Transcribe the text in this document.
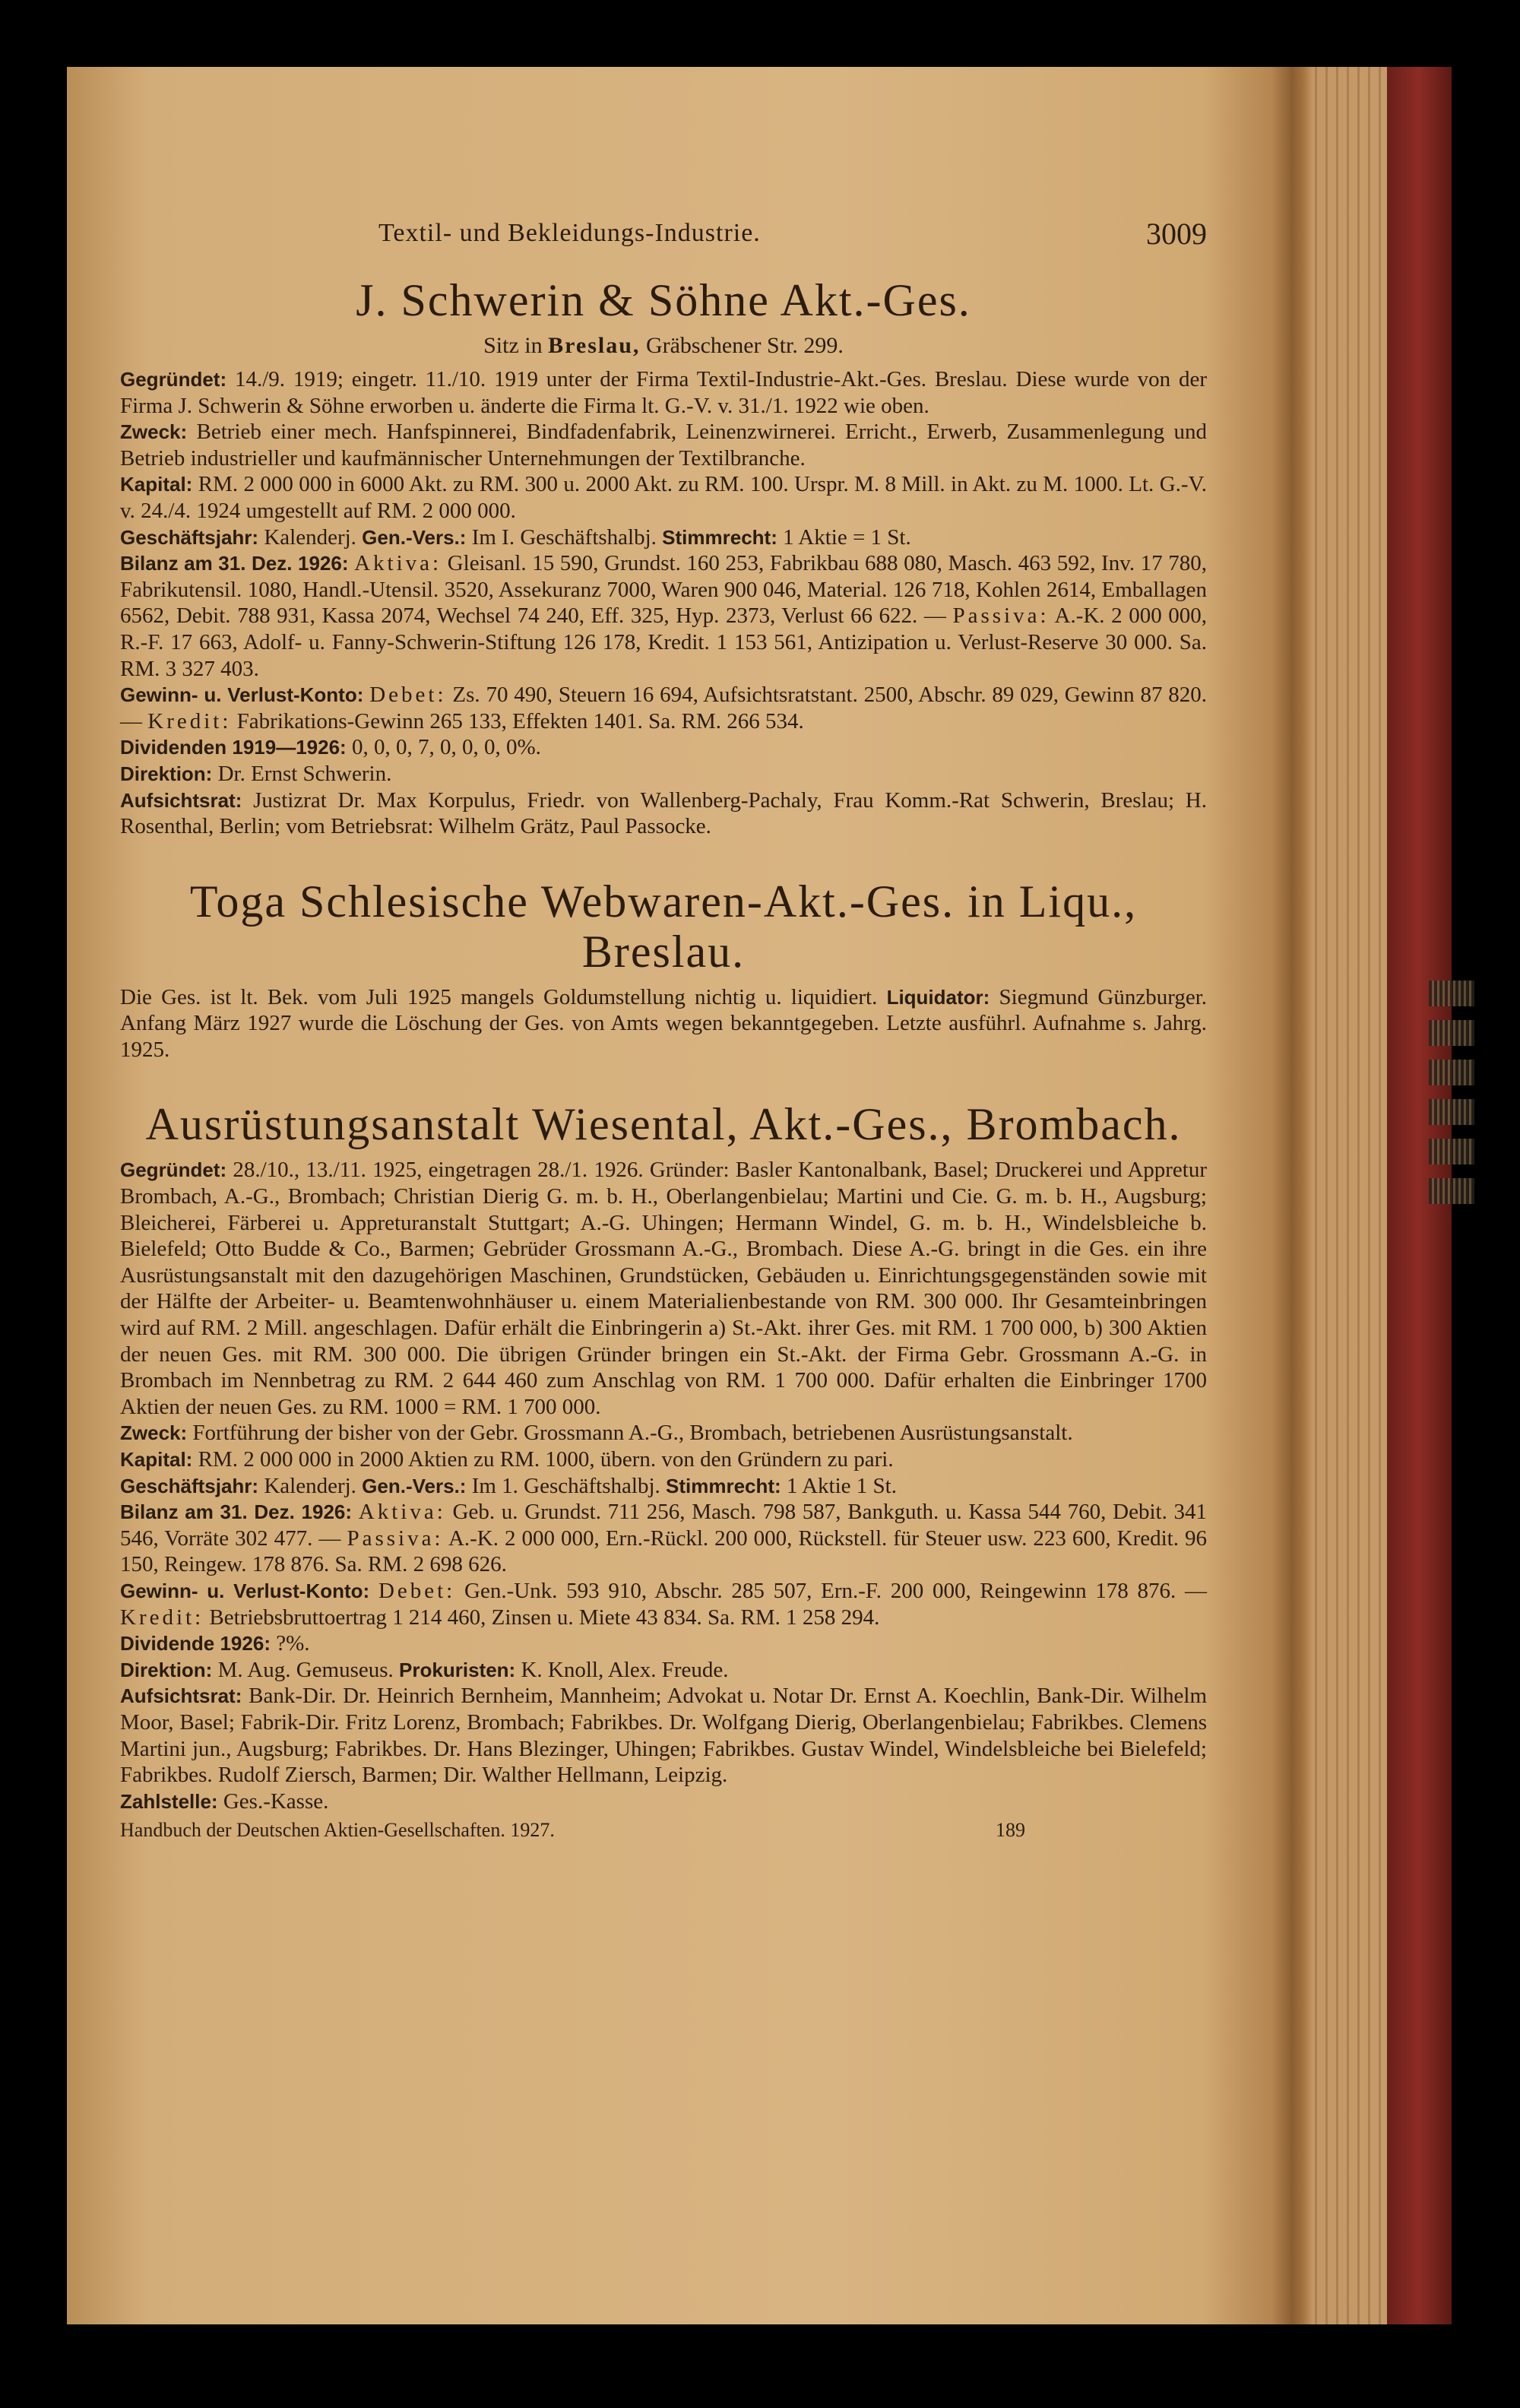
Textil- und Bekleidungs-Industrie.	3009
J. Schwerin & Söhne Akt.-Ges.
Sitz in Breslau, Gräbschener Str. 299.

Gegründet: 14./9. 1919; eingetr. 11./10. 1919 unter der Firma Textil-Industrie-Akt.-Ges. Breslau. Diese wurde von der Firma J. Schwerin & Söhne erworben u. änderte die Firma lt. G.-V. v. 31./1. 1922 wie oben.

Zweck: Betrieb einer mech. Hanfspinnerei, Bindfadenfabrik, Leinenzwirnerei. Erricht., Erwerb, Zusammenlegung und Betrieb industrieller und kaufmännischer Unternehmungen der Textilbranche.

Kapital: RM. 2 000 000 in 6000 Akt. zu RM. 300 u. 2000 Akt. zu RM. 100. Urspr. M. 8 Mill. in Akt. zu M. 1000. Lt. G.-V. v. 24./4. 1924 umgestellt auf RM. 2 000 000.

Geschäftsjahr: Kalenderj. Gen.-Vers.: Im I. Geschäftshalbj. Stimmrecht: 1 Aktie = 1 St.

Bilanz am 31. Dez. 1926: Aktiva: Gleisanl. 15 590, Grundst. 160 253, Fabrikbau 688 080, Masch. 463 592, Inv. 17 780, Fabrikutensil. 1080, Handl.-Utensil. 3520, Assekuranz 7000, Waren 900 046, Material. 126 718, Kohlen 2614, Emballagen 6562, Debit. 788 931, Kassa 2074, Wechsel 74 240, Eff. 325, Hyp. 2373, Verlust 66 622. — Passiva: A.-K. 2 000 000, R.-F. 17 663, Adolf- u. Fanny-Schwerin-Stiftung 126 178, Kredit. 1 153 561, Antizipation u. Verlust-Reserve 30 000. Sa. RM. 3 327 403.

Gewinn- u. Verlust-Konto: Debet: Zs. 70 490, Steuern 16 694, Aufsichtsratstant. 2500, Abschr. 89 029, Gewinn 87 820. — Kredit: Fabrikations-Gewinn 265 133, Effekten 1401. Sa. RM. 266 534.

Dividenden 1919—1926: 0, 0, 0, 7, 0, 0, 0, 0%.

Direktion: Dr. Ernst Schwerin.

Aufsichtsrat: Justizrat Dr. Max Korpulus, Friedr. von Wallenberg-Pachaly, Frau Komm.-Rat Schwerin, Breslau; H. Rosenthal, Berlin; vom Betriebsrat: Wilhelm Grätz, Paul Passocke.

Toga Schlesische Webwaren-Akt.-Ges. in Liqu., Breslau.

Die Ges. ist lt. Bek. vom Juli 1925 mangels Goldumstellung nichtig u. liquidiert. Liquidator: Siegmund Günzburger. Anfang März 1927 wurde die Löschung der Ges. von Amts wegen bekanntgegeben. Letzte ausführl. Aufnahme s. Jahrg. 1925.

Ausrüstungsanstalt Wiesental, Akt.-Ges., Brombach.

Gegründet: 28./10., 13./11. 1925, eingetragen 28./1. 1926. Gründer: Basler Kantonalbank, Basel; Druckerei und Appretur Brombach, A.-G., Brombach; Christian Dierig G. m. b. H., Oberlangenbielau; Martini und Cie. G. m. b. H., Augsburg; Bleicherei, Färberei u. Appreturanstalt Stuttgart; A.-G. Uhingen; Hermann Windel, G. m. b. H., Windelsbleiche b. Bielefeld; Otto Budde & Co., Barmen; Gebrüder Grossmann A.-G., Brombach. Diese A.-G. bringt in die Ges. ein ihre Ausrüstungsanstalt mit den dazugehörigen Maschinen, Grundstücken, Gebäuden u. Einrichtungsgegenständen sowie mit der Hälfte der Arbeiter- u. Beamtenwohnhäuser u. einem Materialienbestande von RM. 300 000. Ihr Gesamteinbringen wird auf RM. 2 Mill. angeschlagen. Dafür erhält die Einbringerin a) St.-Akt. ihrer Ges. mit RM. 1 700 000, b) 300 Aktien der neuen Ges. mit RM. 300 000. Die übrigen Gründer bringen ein St.-Akt. der Firma Gebr. Grossmann A.-G. in Brombach im Nennbetrag zu RM. 2 644 460 zum Anschlag von RM. 1 700 000. Dafür erhalten die Einbringer 1700 Aktien der neuen Ges. zu RM. 1000 = RM. 1 700 000.

Zweck: Fortführung der bisher von der Gebr. Grossmann A.-G., Brombach, betriebenen Ausrüstungsanstalt.

Kapital: RM. 2 000 000 in 2000 Aktien zu RM. 1000, übern. von den Gründern zu pari.

Geschäftsjahr: Kalenderj. Gen.-Vers.: Im 1. Geschäftshalbj. Stimmrecht: 1 Aktie 1 St.

Bilanz am 31. Dez. 1926: Aktiva: Geb. u. Grundst. 711 256, Masch. 798 587, Bankguth. u. Kassa 544 760, Debit. 341 546, Vorräte 302 477. — Passiva: A.-K. 2 000 000, Ern.-Rückl. 200 000, Rückstell. für Steuer usw. 223 600, Kredit. 96 150, Reingew. 178 876. Sa. RM. 2 698 626.

Gewinn- u. Verlust-Konto: Debet: Gen.-Unk. 593 910, Abschr. 285 507, Ern.-F. 200 000, Reingewinn 178 876. — Kredit: Betriebsbruttoertrag 1 214 460, Zinsen u. Miete 43 834. Sa. RM. 1 258 294.

Dividende 1926: ?%.

Direktion: M. Aug. Gemuseus. Prokuristen: K. Knoll, Alex. Freude.

Aufsichtsrat: Bank-Dir. Dr. Heinrich Bernheim, Mannheim; Advokat u. Notar Dr. Ernst A. Koechlin, Bank-Dir. Wilhelm Moor, Basel; Fabrik-Dir. Fritz Lorenz, Brombach; Fabrikbes. Dr. Wolfgang Dierig, Oberlangenbielau; Fabrikbes. Clemens Martini jun., Augsburg; Fabrikbes. Dr. Hans Blezinger, Uhingen; Fabrikbes. Gustav Windel, Windelsbleiche bei Bielefeld; Fabrikbes. Rudolf Ziersch, Barmen; Dir. Walther Hellmann, Leipzig.

Zahlstelle: Ges.-Kasse.

Handbuch der Deutschen Aktien-Gesellschaften. 1927.	189
